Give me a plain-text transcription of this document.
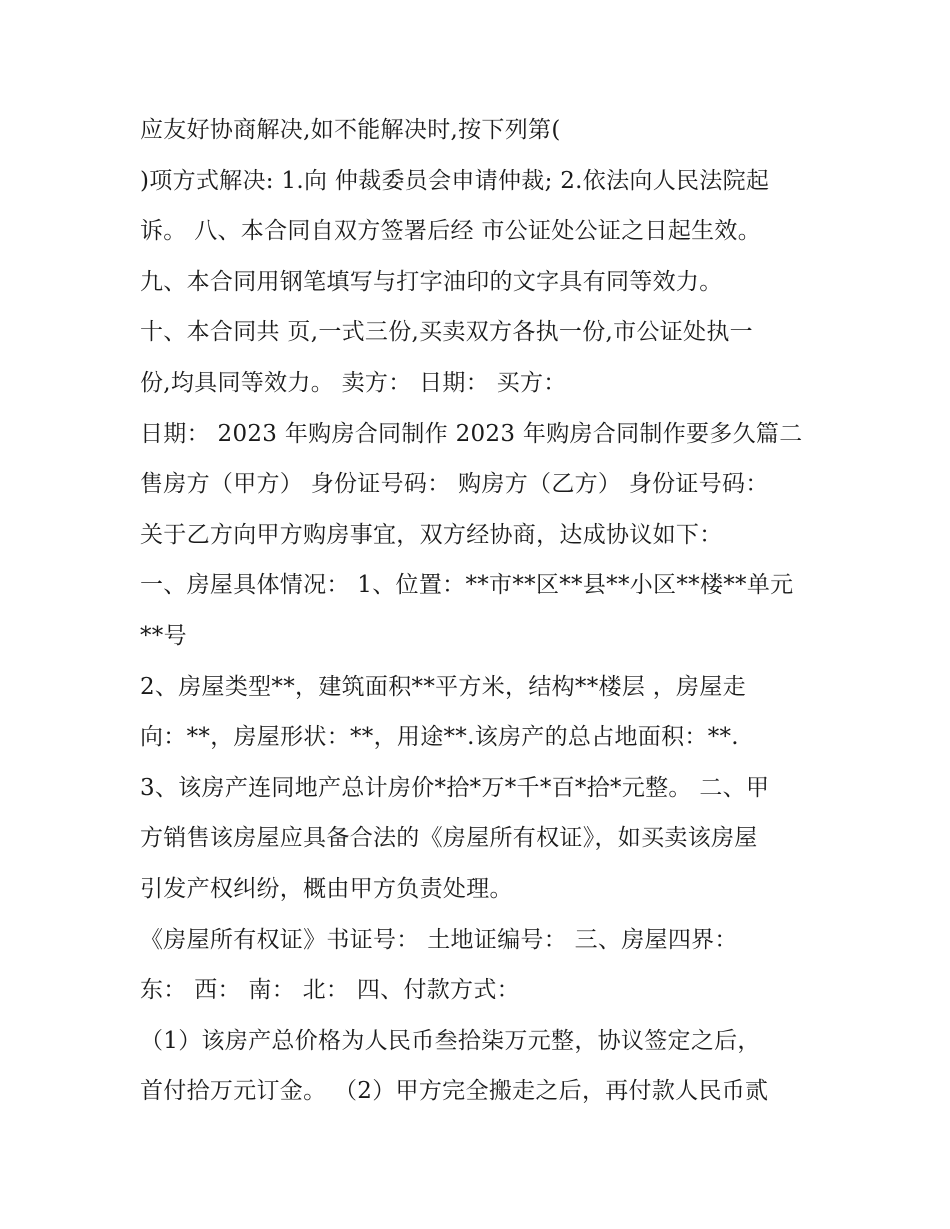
应友好协商解决,如不能解决时,按下列第(
)项方式解决: 1.向 仲裁委员会申请仲裁; 2.依法向人民法院起
诉。 八、本合同自双方签署后经 市公证处公证之日起生效。
九、本合同用钢笔填写与打字油印的文字具有同等效力。
十、本合同共 页,一式三份,买卖双方各执一份,市公证处执一
份,均具同等效力。 卖方： 日期： 买方：
日期： 2023 年购房合同制作 2023 年购房合同制作要多久篇二
售房方（甲方） 身份证号码： 购房方（乙方） 身份证号码：
关于乙方向甲方购房事宜，双方经协商，达成协议如下：
一、房屋具体情况： 1、位置：**市**区**县**小区**楼**单元
**号
2、房屋类型**，建筑面积**平方米，结构**楼层 ，房屋走
向：**，房屋形状：**，用途**.该房产的总占地面积：**.
3、该房产连同地产总计房价*拾*万*千*百*拾*元整。 二、甲
方销售该房屋应具备合法的《房屋所有权证》，如买卖该房屋
引发产权纠纷，概由甲方负责处理。
《房屋所有权证》书证号： 土地证编号： 三、房屋四界：
东： 西： 南： 北： 四、付款方式：
（1）该房产总价格为人民币叁拾柒万元整，协议签定之后，
首付拾万元订金。 （2）甲方完全搬走之后，再付款人民币贰
